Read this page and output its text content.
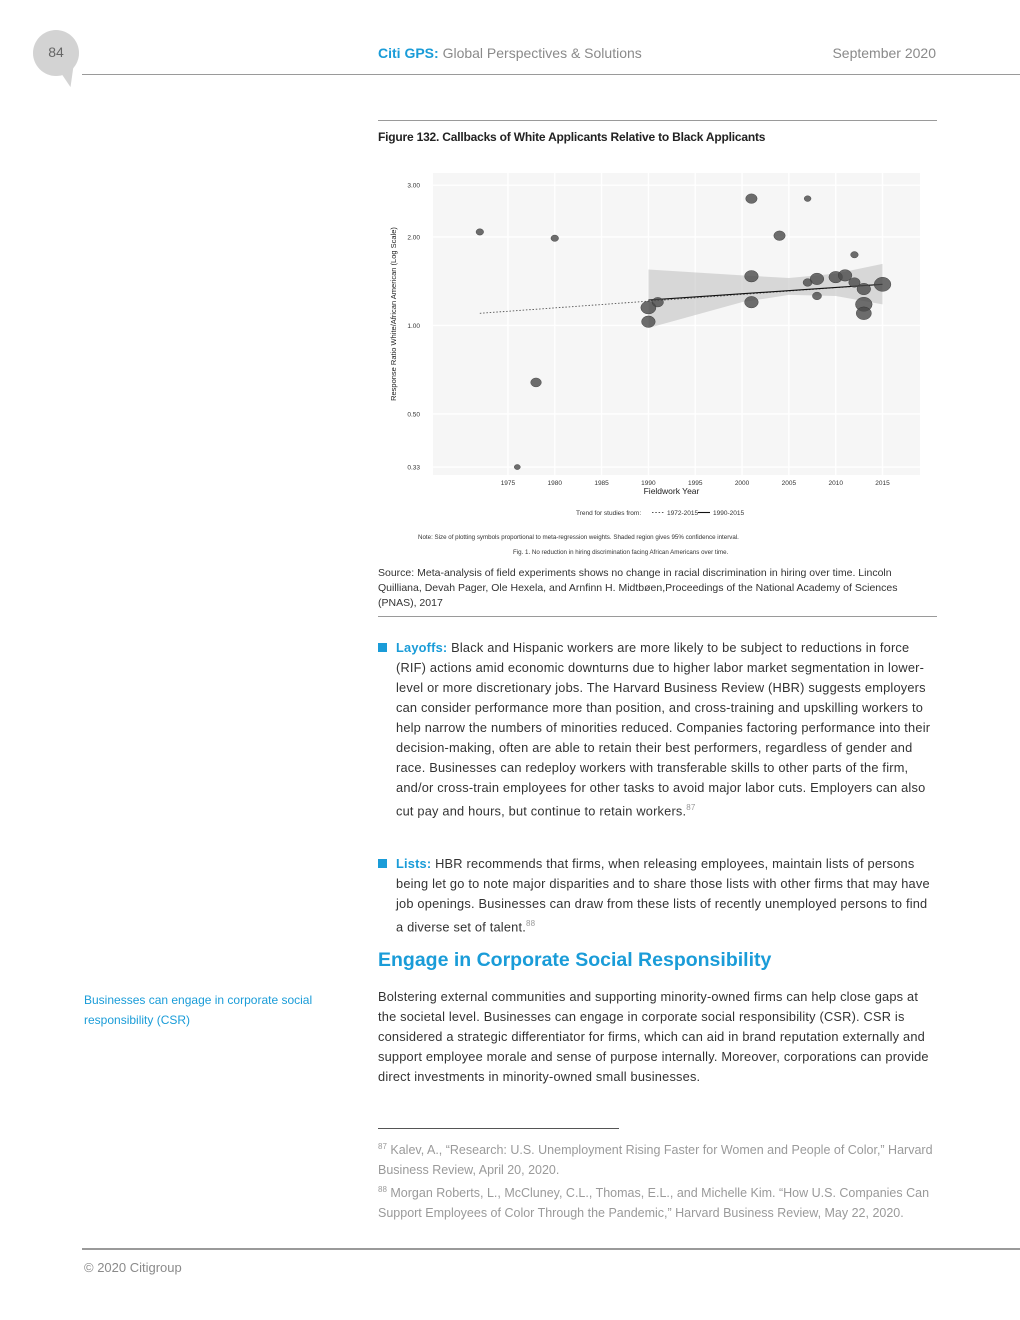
84	Citi GPS: Global Perspectives & Solutions	September 2020
Figure 132. Callbacks of White Applicants Relative to Black Applicants
1975	1980	1985	1990	1995	2000	2005	2010	2015
0.33
0.50
1.00
2.00
3.00
Fieldwork Year
Response Ratio White/African American (Log Scale)
Trend for studies from:	1972-2015 1990-2015
Note: Size of plotting symbols proportional to meta-regression weights. Shaded region gives 95% confidence interval.
Fig. 1. No reduction in hiring discrimination facing African Americans over time.
Source: Meta-analysis of field experiments shows no change in racial discrimination in hiring over time. Lincoln Quilliana, Devah Pager, Ole Hexela, and Arnfinn H. Midtbøen,Proceedings of the National Academy of Sciences (PNAS), 2017
Layoffs: Black and Hispanic workers are more likely to be subject to reductions in force (RIF) actions amid economic downturns due to higher labor market segmentation in lower-level or more discretionary jobs. The Harvard Business Review (HBR) suggests employers can consider performance more than position, and cross-training and upskilling workers to help narrow the numbers of minorities reduced. Companies factoring performance into their decision-making, often are able to retain their best performers, regardless of gender and race. Businesses can redeploy workers with transferable skills to other parts of the firm, and/or cross-train employees for other tasks to avoid major labor cuts. Employers can also cut pay and hours, but continue to retain workers.$^{87}$
Lists: HBR recommends that firms, when releasing employees, maintain lists of persons being let go to note major disparities and to share those lists with other firms that may have job openings. Businesses can draw from these lists of recently unemployed persons to find a diverse set of talent.$^{88}$
Engage in Corporate Social Responsibility
Businesses can engage in corporate social responsibility (CSR)
Bolstering external communities and supporting minority-owned firms can help close gaps at the societal level. Businesses can engage in corporate social responsibility (CSR). CSR is considered a strategic differentiator for firms, which can aid in brand reputation externally and support employee morale and sense of purpose internally. Moreover, corporations can provide direct investments in minority-owned small businesses.
$^{87}$ Kalev, A., “Research: U.S. Unemployment Rising Faster for Women and People of Color,” Harvard Business Review, April 20, 2020.
$^{88}$ Morgan Roberts, L., McCluney, C.L., Thomas, E.L., and Michelle Kim. “How U.S. Companies Can Support Employees of Color Through the Pandemic,” Harvard Business Review, May 22, 2020.
© 2020 Citigroup
